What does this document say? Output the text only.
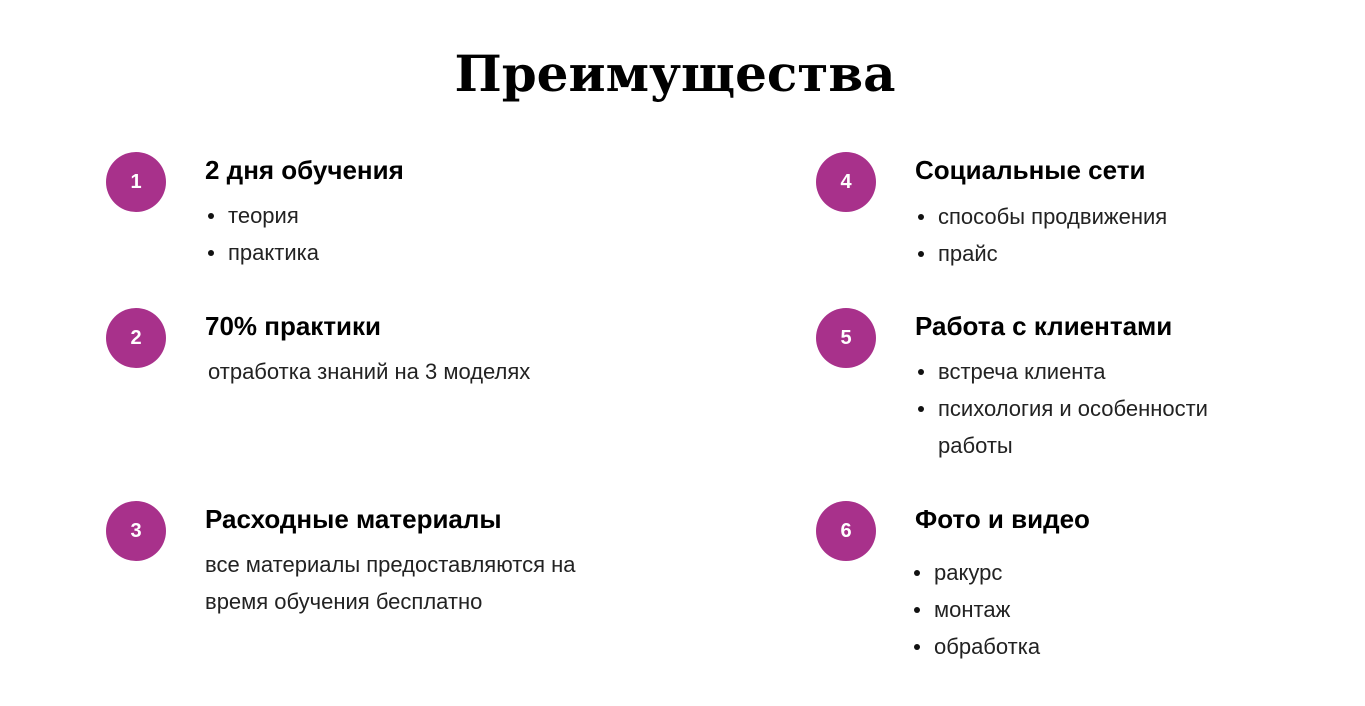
Преимущества
1	2 дня обучения
теория
практика
2	70% практики

отработка знаний на 3 моделях

3	Расходные материалы
все материалы предоставляются на
время обучения бесплатно
4	Социальные сети
способы продвижения
прайс
5	Работа с клиентами
встреча клиента
психология и особенности работы
6	Фото и видео
ракурс
монтаж
обработка
